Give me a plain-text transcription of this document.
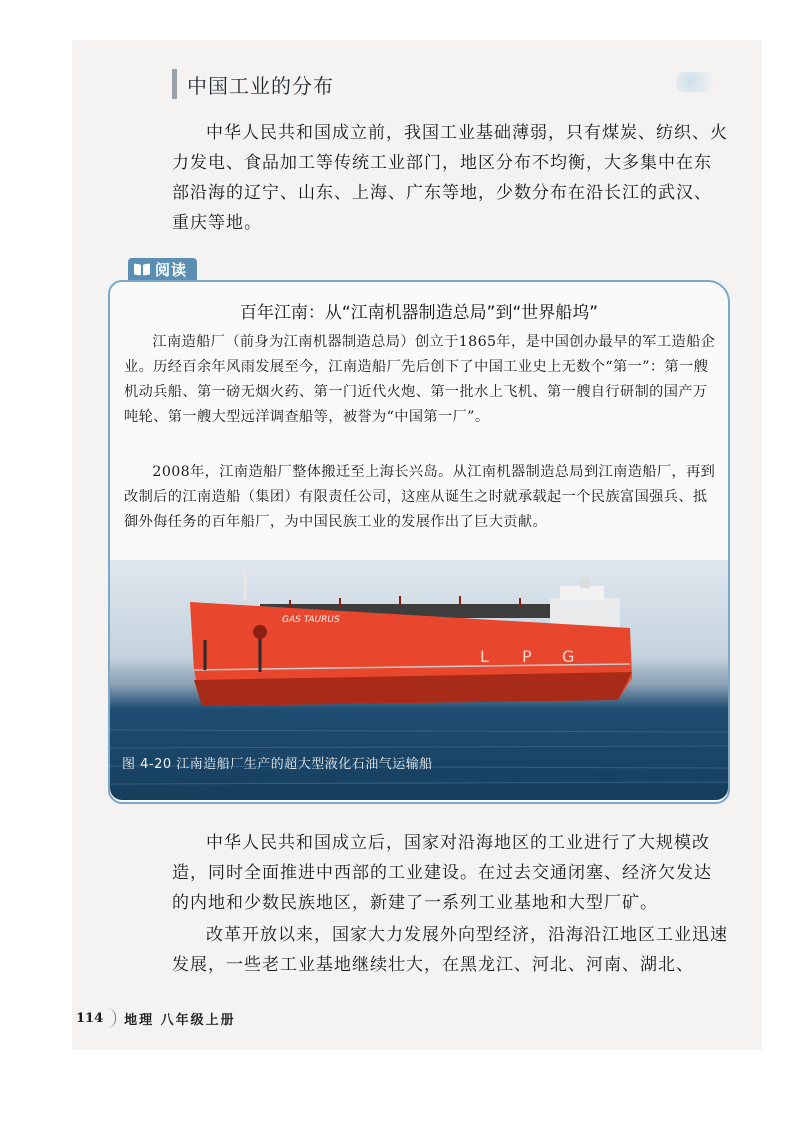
中国工业的分布

中华人民共和国成立前，我国工业基础薄弱，只有煤炭、纺织、火力发电、食品加工等传统工业部门，地区分布不均衡，大多集中在东部沿海的辽宁、山东、上海、广东等地，少数分布在沿长江的武汉、重庆等地。

阅读
百年江南：从“江南机器制造总局”到“世界船坞”

江南造船厂（前身为江南机器制造总局）创立于1865年，是中国创办最早的军工造船企业。历经百余年风雨发展至今，江南造船厂先后创下了中国工业史上无数个“第一”：第一艘机动兵船、第一磅无烟火药、第一门近代火炮、第一批水上飞机、第一艘自行研制的国产万吨轮、第一艘大型远洋调查船等，被誉为“中国第一厂”。

2008年，江南造船厂整体搬迁至上海长兴岛。从江南机器制造总局到江南造船厂，再到改制后的江南造船（集团）有限责任公司，这座从诞生之时就承载起一个民族富国强兵、抵御外侮任务的百年船厂，为中国民族工业的发展作出了巨大贡献。

GAS TAURUS
L P G
图 4-20 江南造船厂生产的超大型液化石油气运输船

中华人民共和国成立后，国家对沿海地区的工业进行了大规模改造，同时全面推进中西部的工业建设。在过去交通闭塞、经济欠发达的内地和少数民族地区，新建了一系列工业基地和大型厂矿。

改革开放以来，国家大力发展外向型经济，沿海沿江地区工业迅速发展，一些老工业基地继续壮大，在黑龙江、河北、河南、湖北、

114 地理 八年级上册
